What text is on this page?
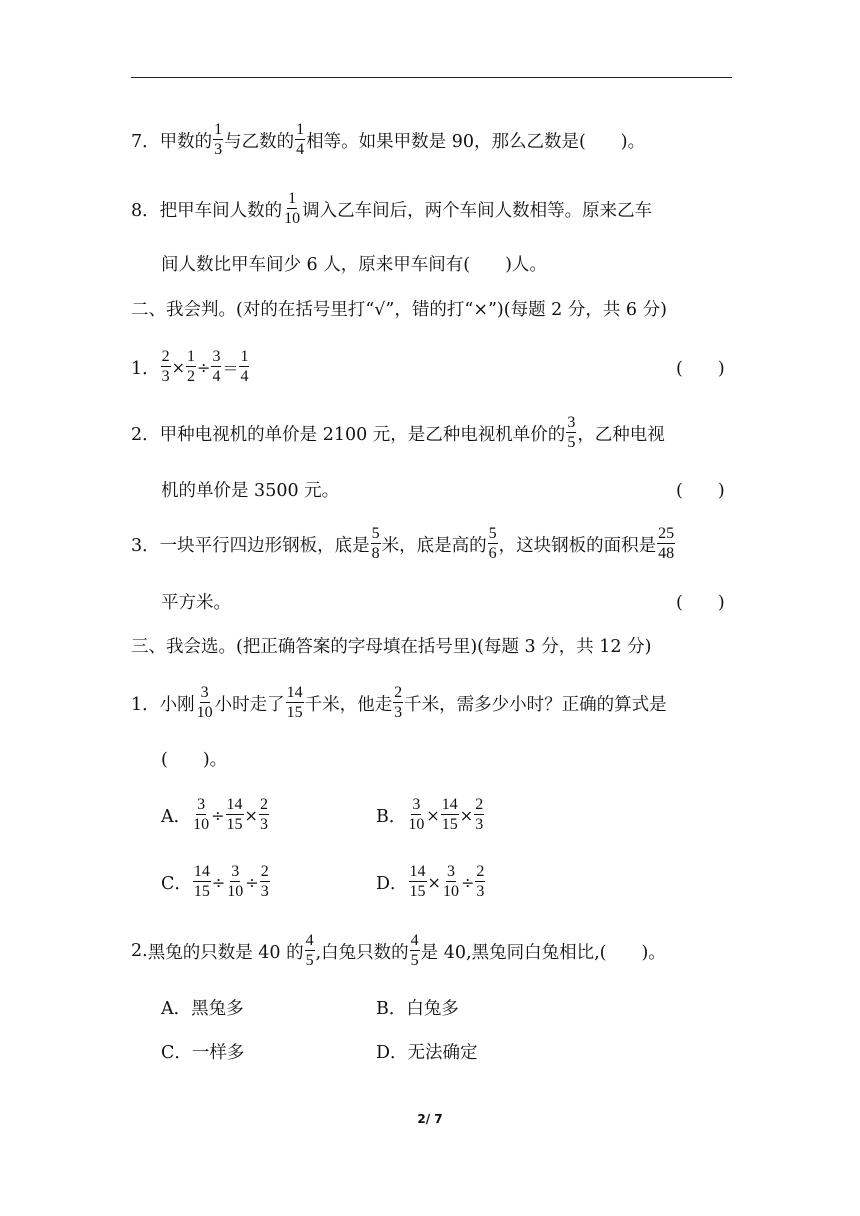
7． 甲数的 $\frac{1}{3}$ 与乙数的 $\frac{1}{4}$ 相等。如果甲数是 90，那么乙数是(　　)。
8． 把甲车间人数的 $\frac{1}{10}$ 调入乙车间后，两个车间人数相等。原来乙车
间人数比甲车间少 6 人，原来甲车间有(　　)人。
二、我会判。(对的在括号里打“√”，错的打“×”)(每题 2 分，共 6 分)
1． $\frac{2}{3} \times \frac{1}{2} \div \frac{3}{4} = \frac{1}{4}$	(　　)
2． 甲种电视机的单价是 2100 元，是乙种电视机单价的 $\frac{3}{5}$ ，乙种电视
机的单价是 3500 元。	(　　)
3． 一块平行四边形钢板，底是 $\frac{5}{8}$ 米，底是高的 $\frac{5}{6}$ ，这块钢板的面积是 $\frac{25}{48}$
平方米。	(　　)
三、我会选。(把正确答案的字母填在括号里)(每题 3 分，共 12 分)
1． 小刚 $\frac{3}{10}$ 小时走了 $\frac{14}{15}$ 千米，他走 $\frac{2}{3}$ 千米，需多少小时？正确的算式是
(　　)。
A． $\frac{3}{10} \div \frac{14}{15} \times \frac{2}{3}$	B． $\frac{3}{10} \times \frac{14}{15} \times \frac{2}{3}$
C． $\frac{14}{15} \div \frac{3}{10} \div \frac{2}{3}$	D． $\frac{14}{15} \times \frac{3}{10} \div \frac{2}{3}$
2. 黑兔的只数是 40 的 $\frac{4}{5}$ ,白兔只数的 $\frac{4}{5}$ 是 40,黑兔同白兔相比,(　　)。
A．黑兔多	B．白兔多
C．一样多	D．无法确定
2/ 7
